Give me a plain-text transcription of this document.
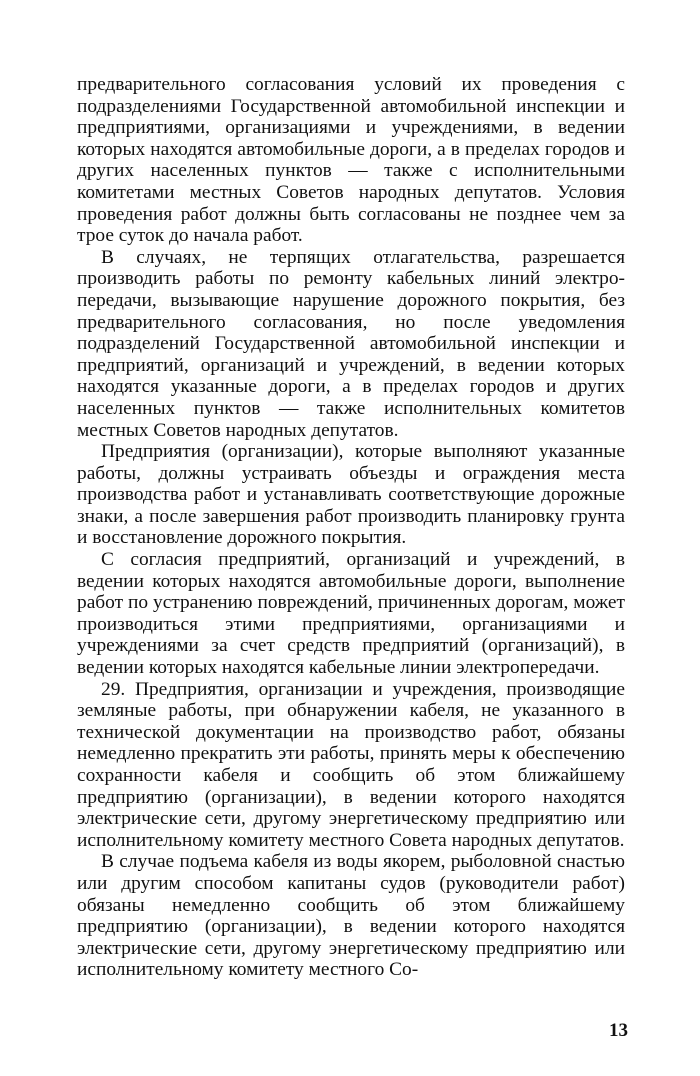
предварительного согласования условий их проведения с подразделениями Государственной автомобильной инспекции и предприятиями, организациями и учреждениями, в ведении которых находятся автомобильные дороги, а в пределах городов и других населенных пунктов — также с исполнительными комитетами местных Советов народных депутатов. Условия проведения работ должны быть согласованы не позднее чем за трое суток до начала работ.

В случаях, не терпящих отлагательства, разрешается производить работы по ремонту кабельных линий электропередачи, вызывающие нарушение дорожного покрытия, без предварительного согласования, но после уведомления подразделений Государственной автомобильной инспекции и предприятий, организаций и учреждений, в ведении которых находятся указанные дороги, а в пределах городов и других населенных пунктов — также исполнительных комитетов местных Советов народных депутатов.

Предприятия (организации), которые выполняют указанные работы, должны устраивать объезды и ограждения места производства работ и устанавливать соответствующие дорожные знаки, а после завершения работ производить планировку грунта и восстановление дорожного покрытия.

С согласия предприятий, организаций и учреждений, в ведении которых находятся автомобильные дороги, выполнение работ по устранению повреждений, причиненных дорогам, может производиться этими предприятиями, организациями и учреждениями за счет средств предприятий (организаций), в ведении которых находятся кабельные линии электропередачи.

29. Предприятия, организации и учреждения, производящие земляные работы, при обнаружении кабеля, не указанного в технической документации на производство работ, обязаны немедленно прекратить эти работы, принять меры к обеспечению сохранности кабеля и сообщить об этом ближайшему предприятию (организации), в ведении которого находятся электрические сети, другому энергетическому предприятию или исполнительному комитету местного Совета народных депутатов.

В случае подъема кабеля из воды якорем, рыболовной снастью или другим способом капитаны судов (руководители работ) обязаны немедленно сообщить об этом ближайшему предприятию (организации), в ведении которого находятся электрические сети, другому энергетическому предприятию или исполнительному комитету местного Со-

13
